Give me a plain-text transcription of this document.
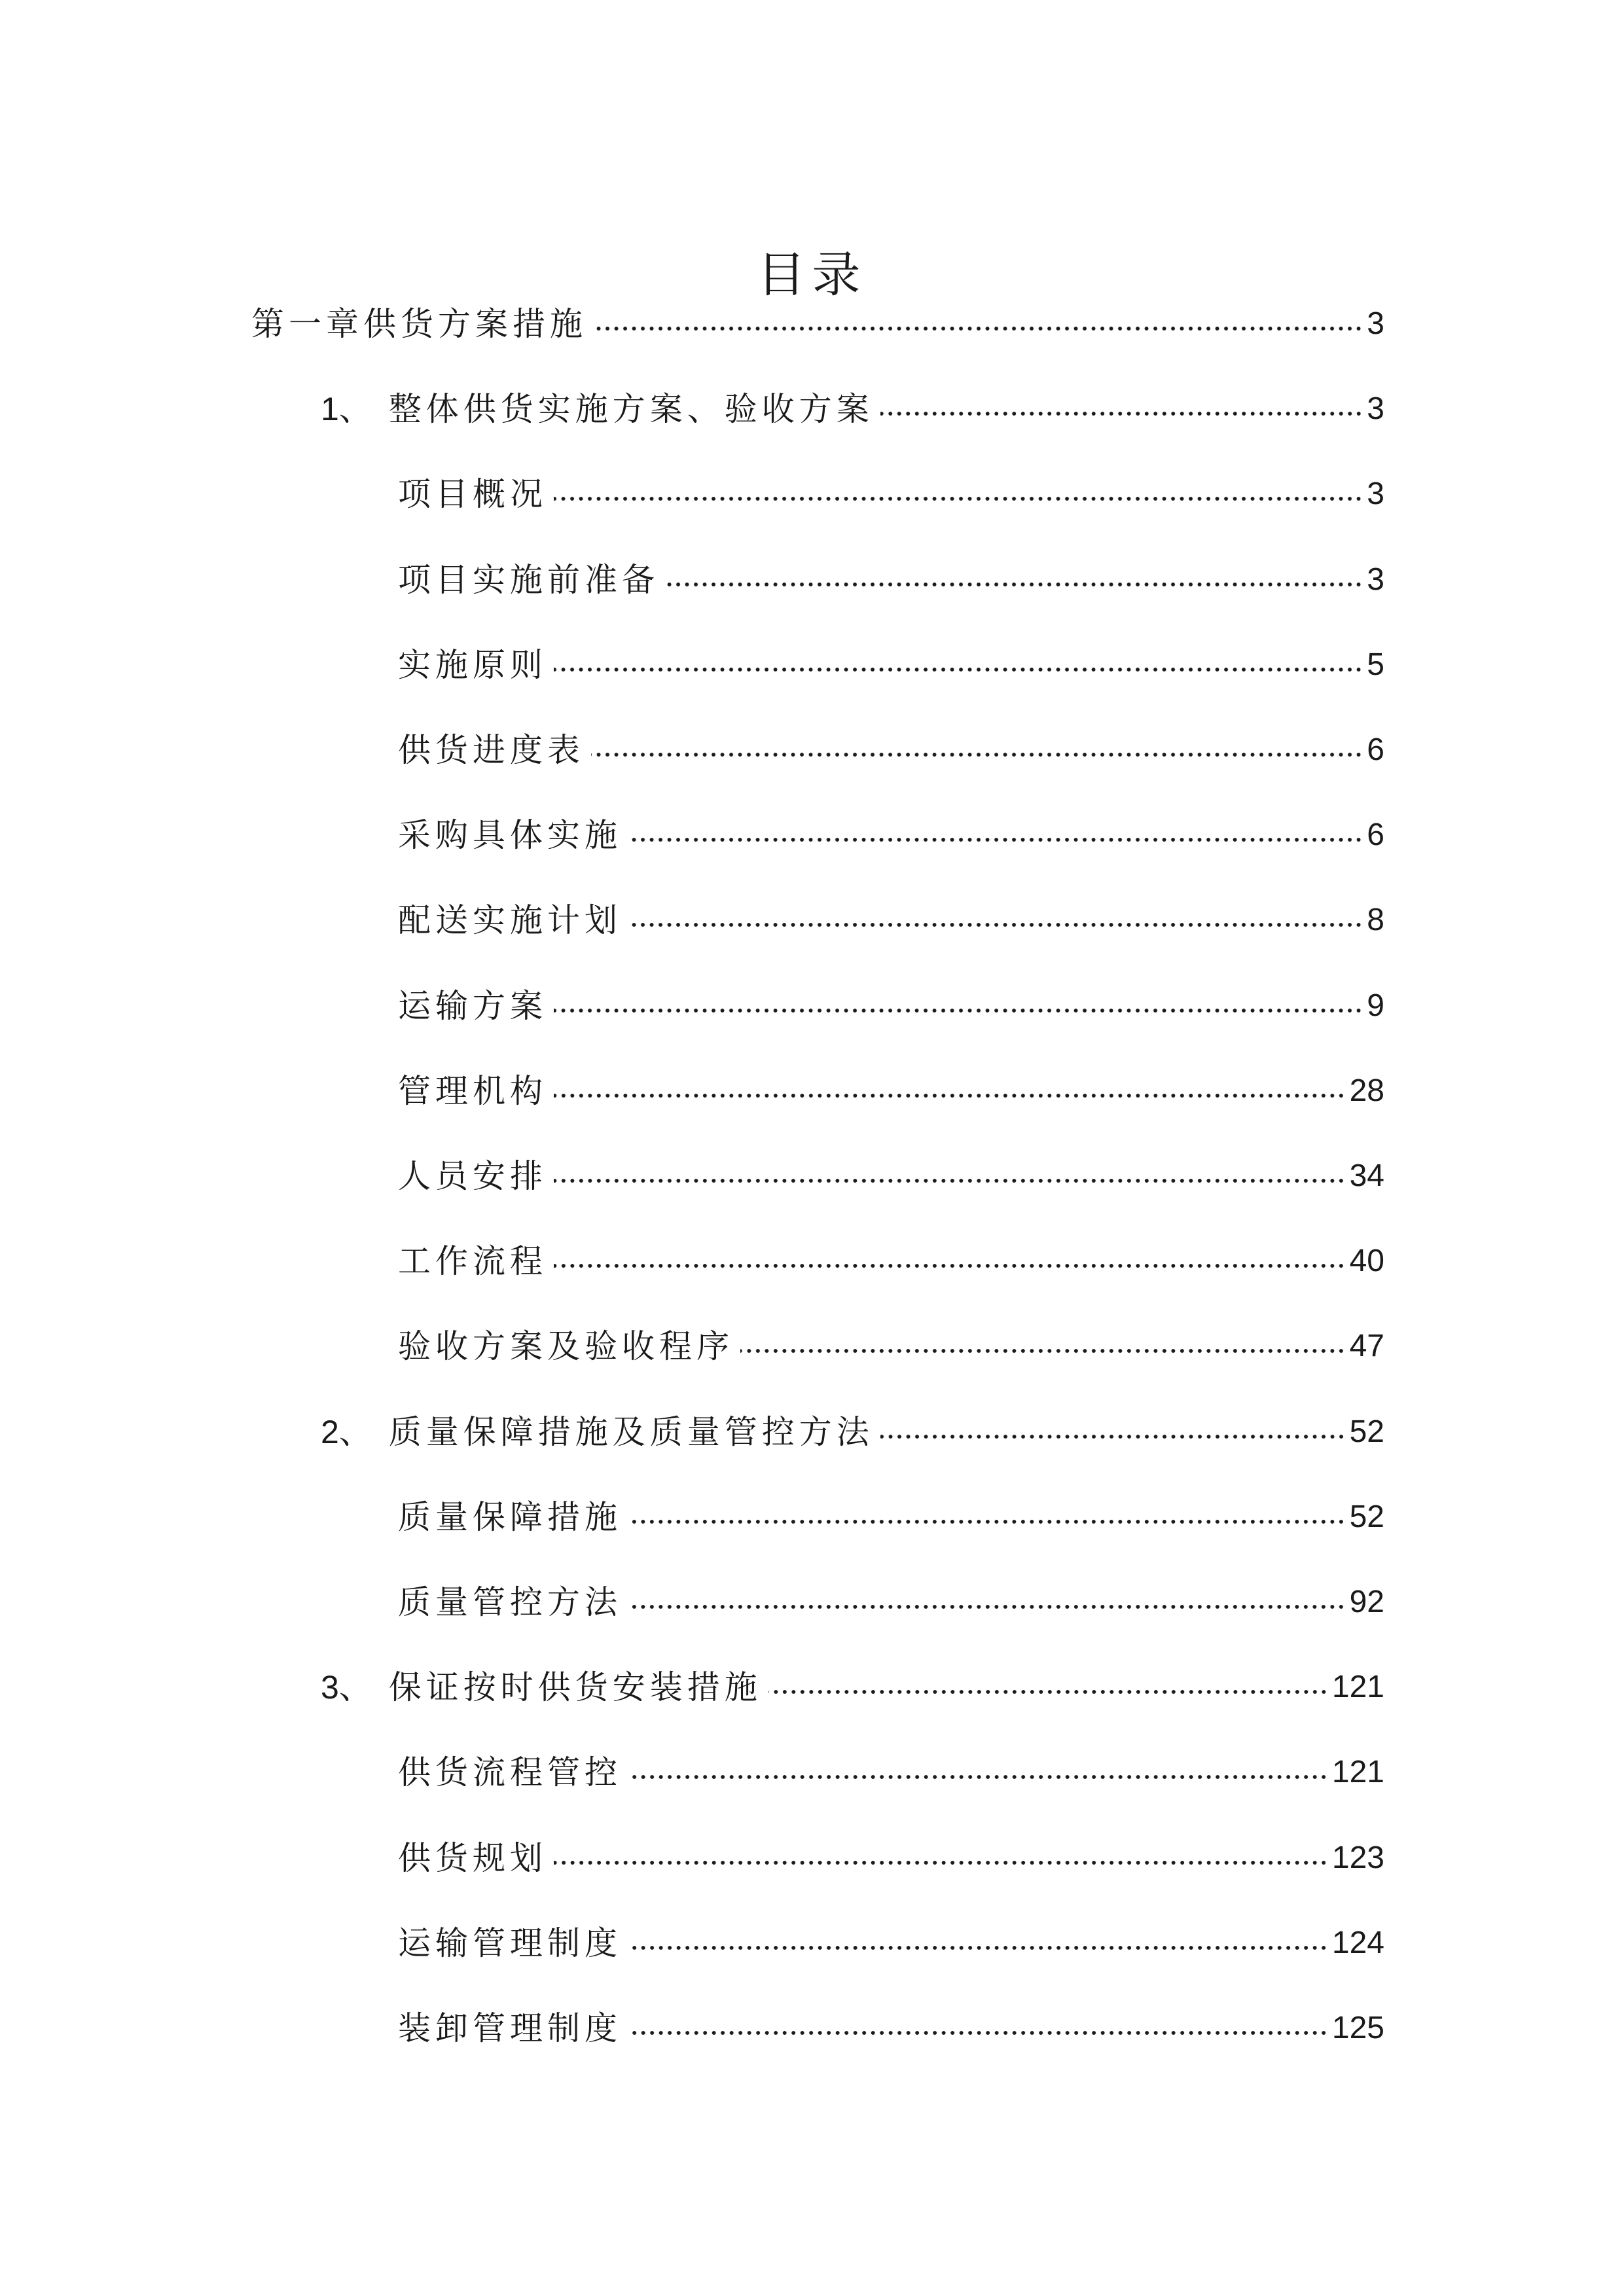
目录
第一章供货方案措施	3
1、 整体供货实施方案、验收方案	3
项目概况	3
项目实施前准备	3
实施原则	5
供货进度表	6
采购具体实施	6
配送实施计划	8
运输方案	9
管理机构	28
人员安排	34
工作流程	40
验收方案及验收程序	47
2、 质量保障措施及质量管控方法	52
质量保障措施	52
质量管控方法	92
3、 保证按时供货安装措施	121
供货流程管控	121
供货规划	123
运输管理制度	124
装卸管理制度	125
